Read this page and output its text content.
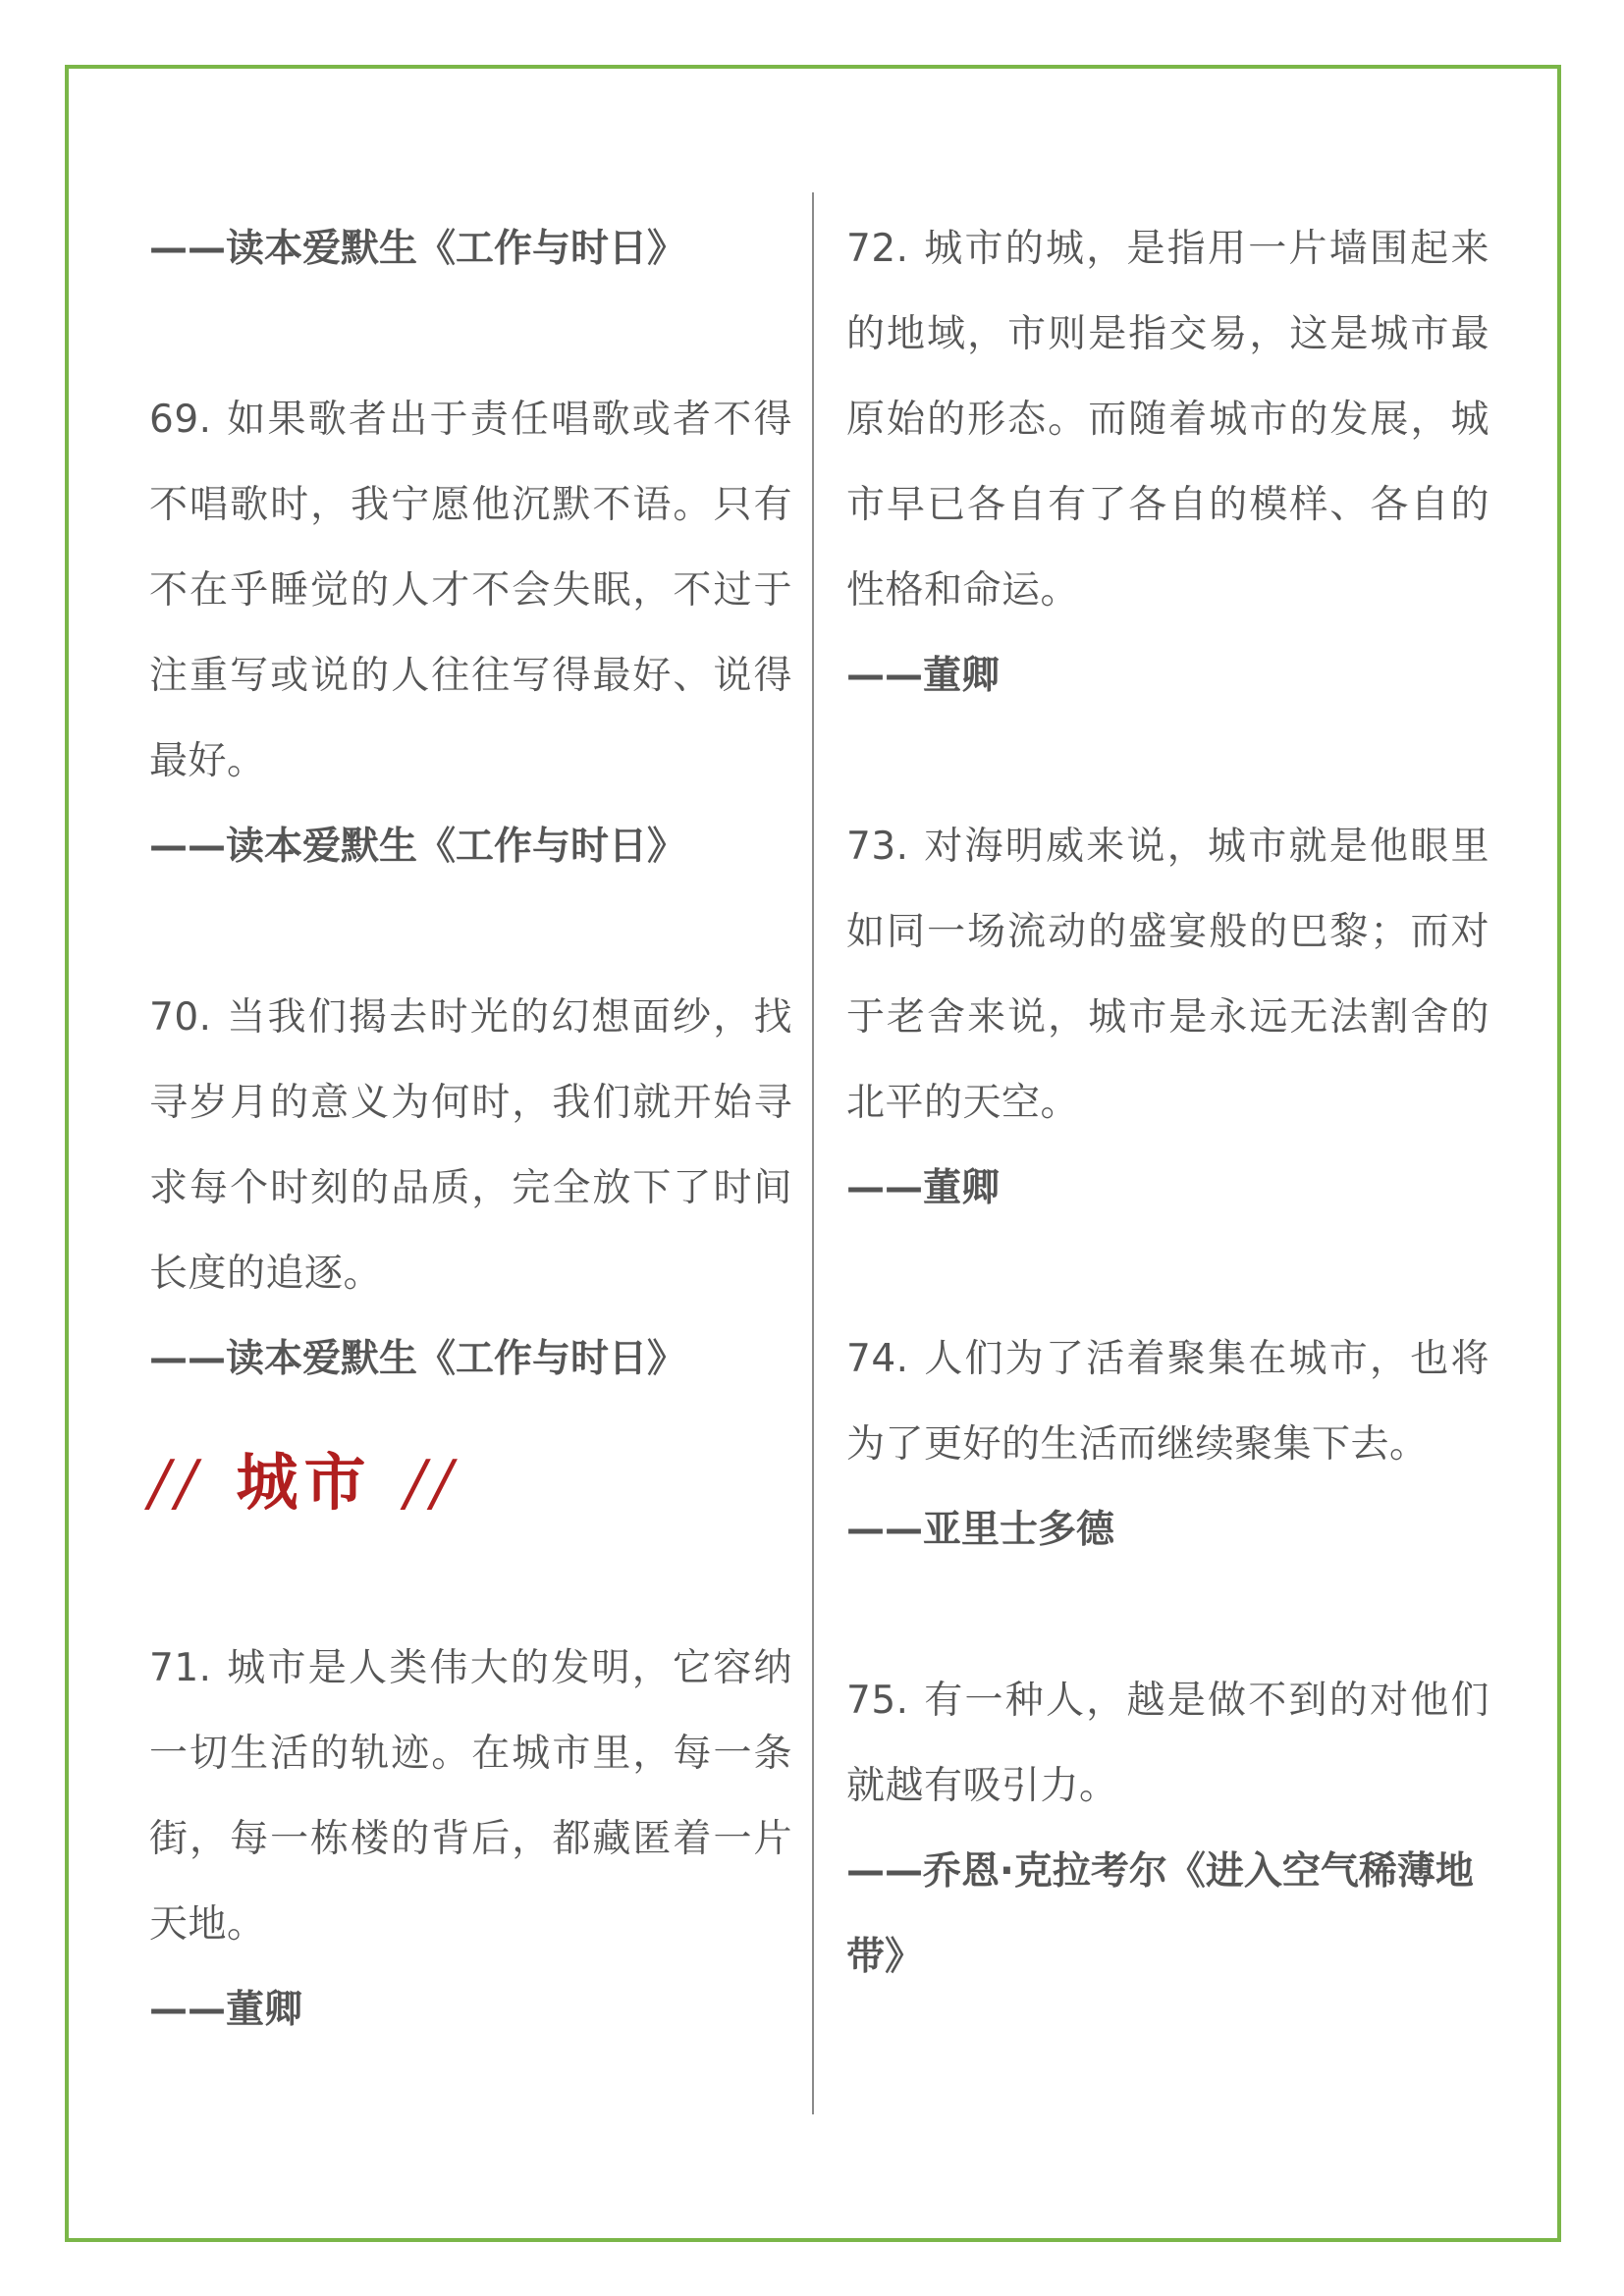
——读本爱默生《工作与时日》

69. 如果歌者出于责任唱歌或者不得不唱歌时，我宁愿他沉默不语。只有不在乎睡觉的人才不会失眠，不过于注重写或说的人往往写得最好、说得最好。

——读本爱默生《工作与时日》

70. 当我们揭去时光的幻想面纱，找寻岁月的意义为何时，我们就开始寻求每个时刻的品质，完全放下了时间长度的追逐。

——读本爱默生《工作与时日》

// 城市 //

71. 城市是人类伟大的发明，它容纳一切生活的轨迹。在城市里，每一条街，每一栋楼的背后，都藏匿着一片天地。

——董卿

72. 城市的城，是指用一片墙围起来的地域，市则是指交易，这是城市最原始的形态。而随着城市的发展，城市早已各自有了各自的模样、各自的性格和命运。

——董卿

73. 对海明威来说，城市就是他眼里如同一场流动的盛宴般的巴黎；而对于老舍来说，城市是永远无法割舍的北平的天空。

——董卿

74. 人们为了活着聚集在城市，也将为了更好的生活而继续聚集下去。

——亚里士多德

75. 有一种人，越是做不到的对他们就越有吸引力。

——乔恩·克拉考尔《进入空气稀薄地带》
